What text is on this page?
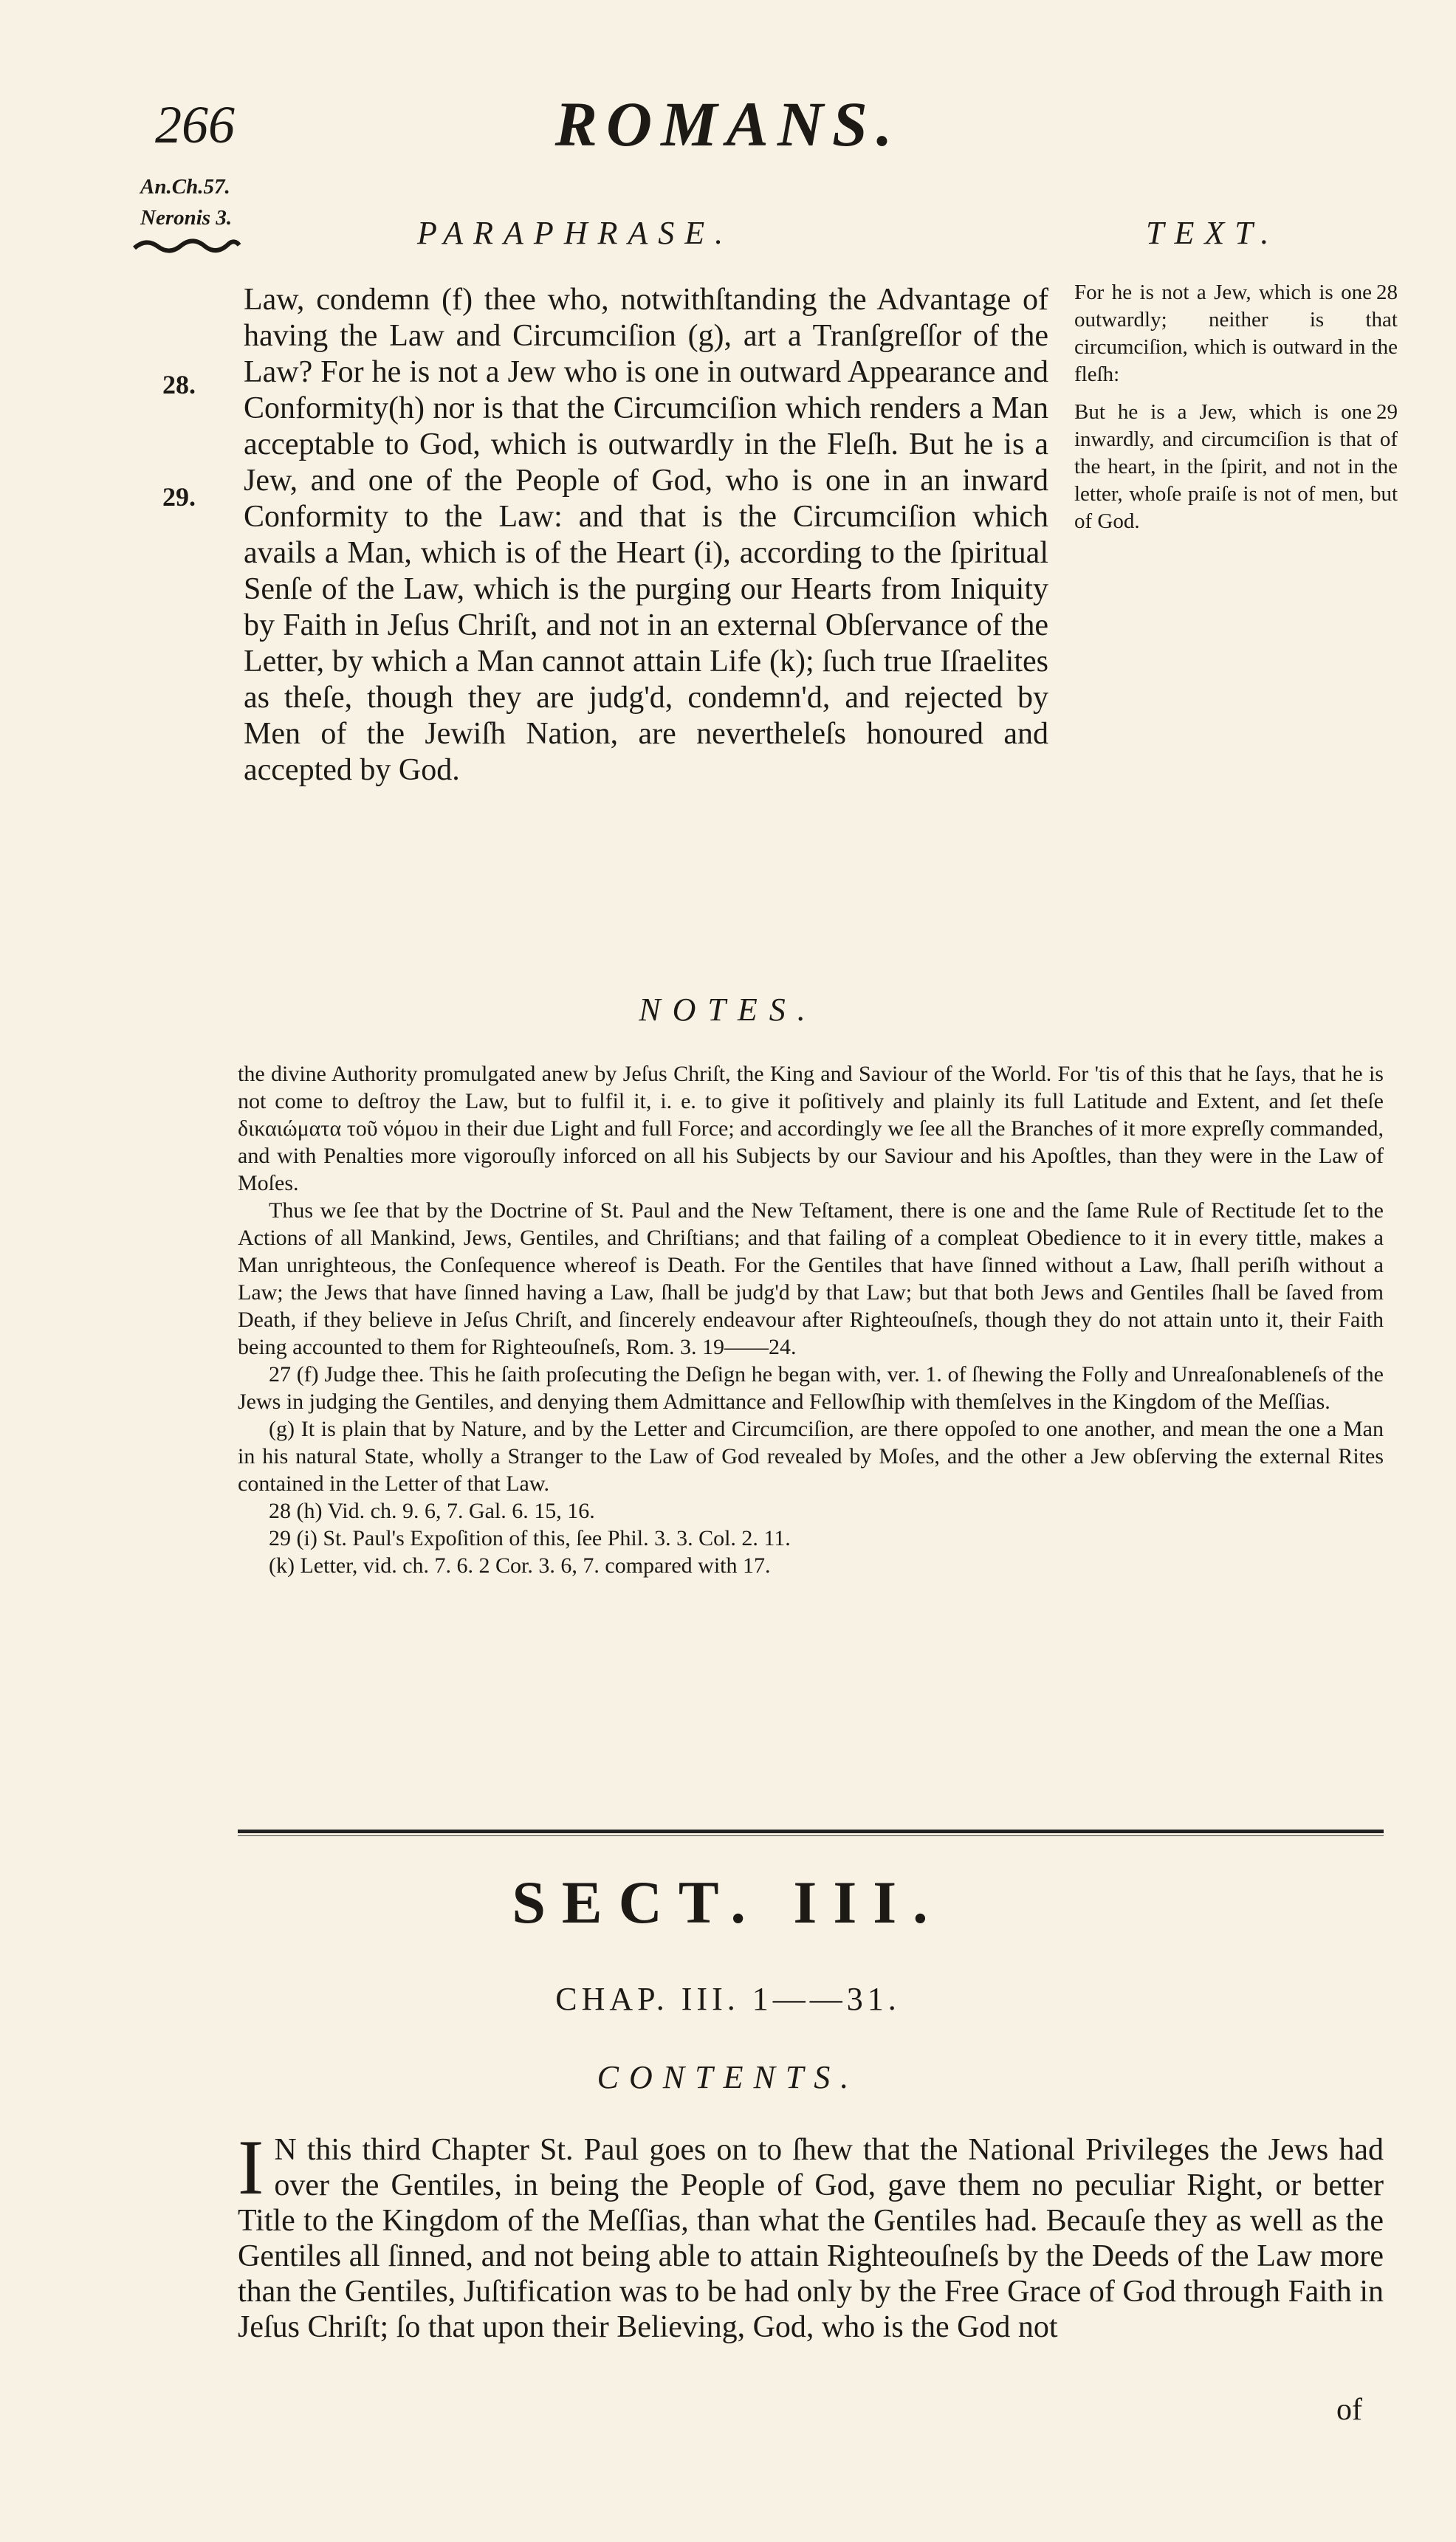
266	ROMANS.
An.Ch.57.
Neronis 3.	PARAPHRASE.	TEXT.
28.
29.

Law, condemn (f) thee who, notwithſtanding the Advantage of having the Law and Circumciſion (g), art a Tranſgreſſor of the Law? For he is not a Jew who is one in outward Appearance and Conformity(h) nor is that the Circumciſion which renders a Man acceptable to God, which is outwardly in the Fleſh. But he is a Jew, and one of the People of God, who is one in an inward Conformity to the Law: and that is the Circumciſion which avails a Man, which is of the Heart (i), according to the ſpiritual Senſe of the Law, which is the purging our Hearts from Iniquity by Faith in Jeſus Chriſt, and not in an external Obſervance of the Letter, by which a Man cannot attain Life (k); ſuch true Iſraelites as theſe, though they are judg'd, condemn'd, and rejected by Men of the Jewiſh Nation, are nevertheleſs honoured and accepted by God.

28
For he is not a Jew, which is one outwardly; neither is that circumciſion, which is outward in the fleſh:

29
But he is a Jew, which is one inwardly, and circumciſion is that of the heart, in the ſpirit, and not in the letter, whoſe praiſe is not of men, but of God.

NOTES.

the divine Authority promulgated anew by Jeſus Chriſt, the King and Saviour of the World. For 'tis of this that he ſays, that he is not come to deſtroy the Law, but to fulfil it, i. e. to give it poſitively and plainly its full Latitude and Extent, and ſet theſe δικαιώματα τοῦ νόμου in their due Light and full Force; and accordingly we ſee all the Branches of it more expreſly commanded, and with Penalties more vigorouſly inforced on all his Subjects by our Saviour and his Apoſtles, than they were in the Law of Moſes.

Thus we ſee that by the Doctrine of St. Paul and the New Teſtament, there is one and the ſame Rule of Rectitude ſet to the Actions of all Mankind, Jews, Gentiles, and Chriſtians; and that failing of a compleat Obedience to it in every tittle, makes a Man unrighteous, the Conſequence whereof is Death. For the Gentiles that have ſinned without a Law, ſhall periſh without a Law; the Jews that have ſinned having a Law, ſhall be judg'd by that Law; but that both Jews and Gentiles ſhall be ſaved from Death, if they believe in Jeſus Chriſt, and ſincerely endeavour after Righteouſneſs, though they do not attain unto it, their Faith being accounted to them for Righteouſneſs, Rom. 3. 19——24.

27 (f) Judge thee. This he ſaith proſecuting the Deſign he began with, ver. 1. of ſhewing the Folly and Unreaſonableneſs of the Jews in judging the Gentiles, and denying them Admittance and Fellowſhip with themſelves in the Kingdom of the Meſſias.

(g) It is plain that by Nature, and by the Letter and Circumciſion, are there oppoſed to one another, and mean the one a Man in his natural State, wholly a Stranger to the Law of God revealed by Moſes, and the other a Jew obſerving the external Rites contained in the Letter of that Law.

28 (h) Vid. ch. 9. 6, 7. Gal. 6. 15, 16.

29 (i) St. Paul's Expoſition of this, ſee Phil. 3. 3. Col. 2. 11.

(k) Letter, vid. ch. 7. 6. 2 Cor. 3. 6, 7. compared with 17.

SECT. III.
CHAP. III. 1——31.
CONTENTS.

I N this third Chapter St. Paul goes on to ſhew that the National Privileges the Jews had over the Gentiles, in being the People of God, gave them no peculiar Right, or better Title to the Kingdom of the Meſſias, than what the Gentiles had. Becauſe they as well as the Gentiles all ſinned, and not being able to attain Righteouſneſs by the Deeds of the Law more than the Gentiles, Juſtification was to be had only by the Free Grace of God through Faith in Jeſus Chriſt; ſo that upon their Believing, God, who is the God not

of
